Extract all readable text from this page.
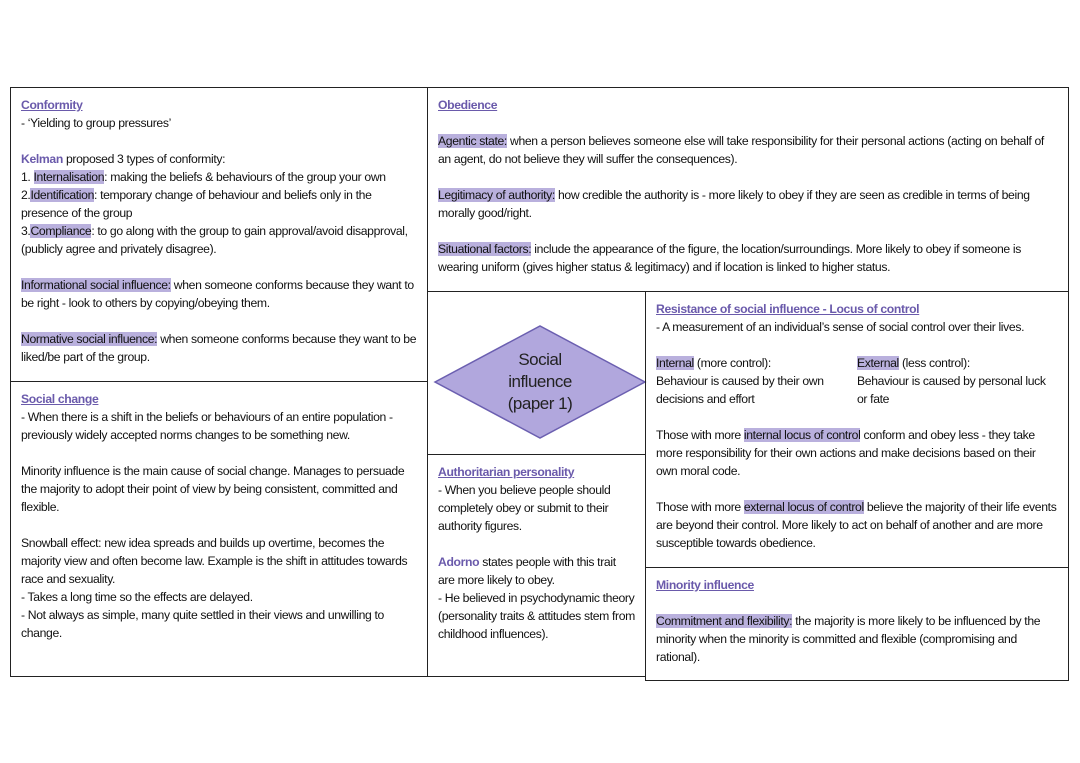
Conformity
- ‘Yielding to group pressures’
Kelman proposed 3 types of conformity:
1. Internalisation: making the beliefs & behaviours of the group your own
2.Identification: temporary change of behaviour and beliefs only in the presence of the group
3.Compliance: to go along with the group to gain approval/avoid disapproval, (publicly agree and privately disagree).
Informational social influence: when someone conforms because they want to be right - look to others by copying/obeying them.
Normative social influence: when someone conforms because they want to be liked/be part of the group.
Social change
- When there is a shift in the beliefs or behaviours of an entire population - previously widely accepted norms changes to be something new.
Minority influence is the main cause of social change. Manages to persuade the majority to adopt their point of view by being consistent, committed and flexible.
Snowball effect: new idea spreads and builds up overtime, becomes the majority view and often become law. Example is the shift in attitudes towards race and sexuality.
- Takes a long time so the effects are delayed.
- Not always as simple, many quite settled in their views and unwilling to change.
Obedience
Agentic state: when a person believes someone else will take responsibility for their personal actions (acting on behalf of an agent, do not believe they will suffer the consequences).
Legitimacy of authority: how credible the authority is - more likely to obey if they are seen as credible in terms of being morally good/right.
Situational factors: include the appearance of the figure, the location/surroundings. More likely to obey if someone is wearing uniform (gives higher status & legitimacy) and if location is linked to higher status.
Social
influence
(paper 1)
Authoritarian personality
- When you believe people should completely obey or submit to their authority figures.
Adorno states people with this trait are more likely to obey.
- He believed in psychodynamic theory (personality traits & attitudes stem from childhood influences).
Resistance of social influence - Locus of control
- A measurement of an individual’s sense of social control over their lives.
Internal (more control):
Behaviour is caused by their own decisions and effort
External (less control):
Behaviour is caused by personal luck or fate
Those with more internal locus of control conform and obey less - they take more responsibility for their own actions and make decisions based on their own moral code.
Those with more external locus of control believe the majority of their life events are beyond their control. More likely to act on behalf of another and are more susceptible towards obedience.
Minority influence
Commitment and flexibility: the majority is more likely to be influenced by the minority when the minority is committed and flexible (compromising and rational).
